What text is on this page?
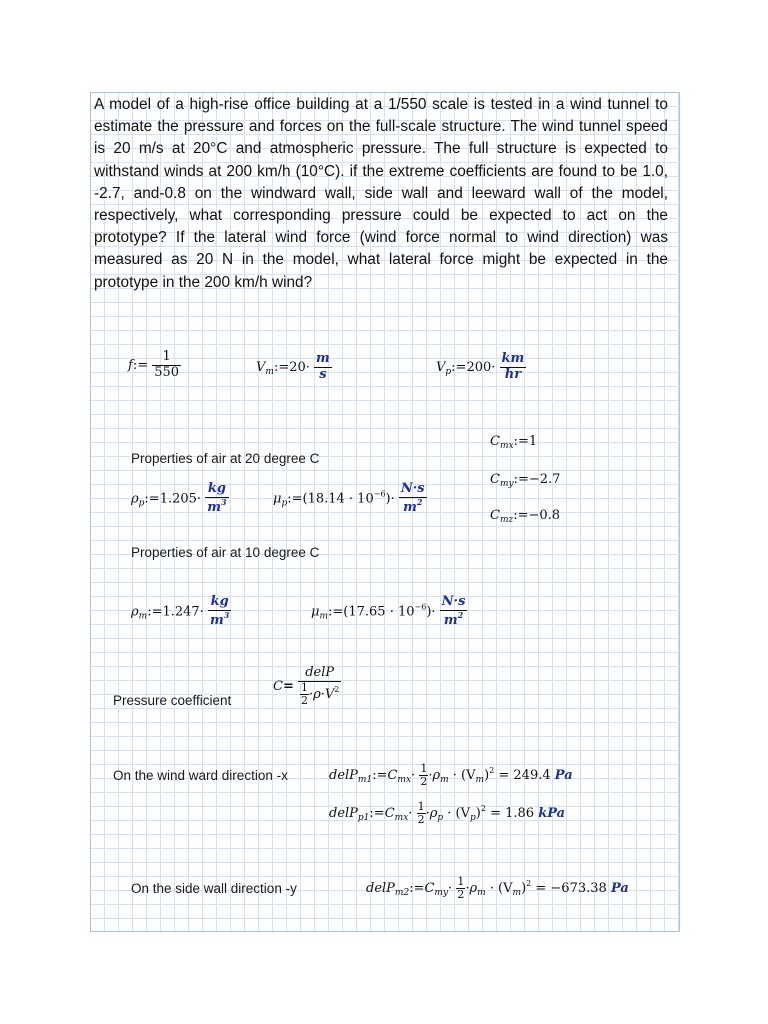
A model of a high-rise office building at a 1/550 scale is tested in a wind tunnel to estimate the pressure and forces on the full-scale structure. The wind tunnel speed is 20 m/s at 20°C and atmospheric pressure. The full structure is expected to withstand winds at 200 km/h (10°C). if the extreme coefficients are found to be 1.0, -2.7, and-0.8 on the windward wall, side wall and leeward wall of the model, respectively, what corresponding pressure could be expected to act on the prototype? If the lateral wind force (wind force normal to wind direction) was measured as 20 N in the model, what lateral force might be expected in the prototype in the 200 km/h wind?
f:= $\frac{1}{550}$	$V_m:=20\cdot \frac{m}{s}$	$V_p:=200\cdot \frac{km}{hr}$
$C_{mx}:=1$
$C_{my}:=-2.7$
$C_{mz}:=-0.8$
Properties of air at 20 degree C
$\rho_p:=1.205\cdot \frac{kg}{m^3}$	$\mu_p:=(18.14 \cdot 10^{-6})\cdot \frac{N\cdot s}{m^2}$
Properties of air at 10 degree C
$\rho_m:=1.247\cdot \frac{kg}{m^3}$	$\mu_m:=(17.65 \cdot 10^{-6})\cdot \frac{N\cdot s}{m^2}$
Pressure coefficient
$C= \frac{\text{delP}}{\frac{1}{2} \cdot\rho\cdot V^2}$
On the wind ward direction -x	$delP_{m1}:=C_{mx}\cdot \frac{1}{2} \cdot\rho_m \cdot (V_m)^2 = 249.4$ Pa
$delP_{p1}:=C_{mx}\cdot \frac{1}{2} \cdot\rho_p \cdot (V_p)^2 = 1.86$ kPa
On the side wall direction -y	$delP_{m2}:=C_{my}\cdot \frac{1}{2} \cdot\rho_m \cdot (V_m)^2 = -673.38$ Pa
